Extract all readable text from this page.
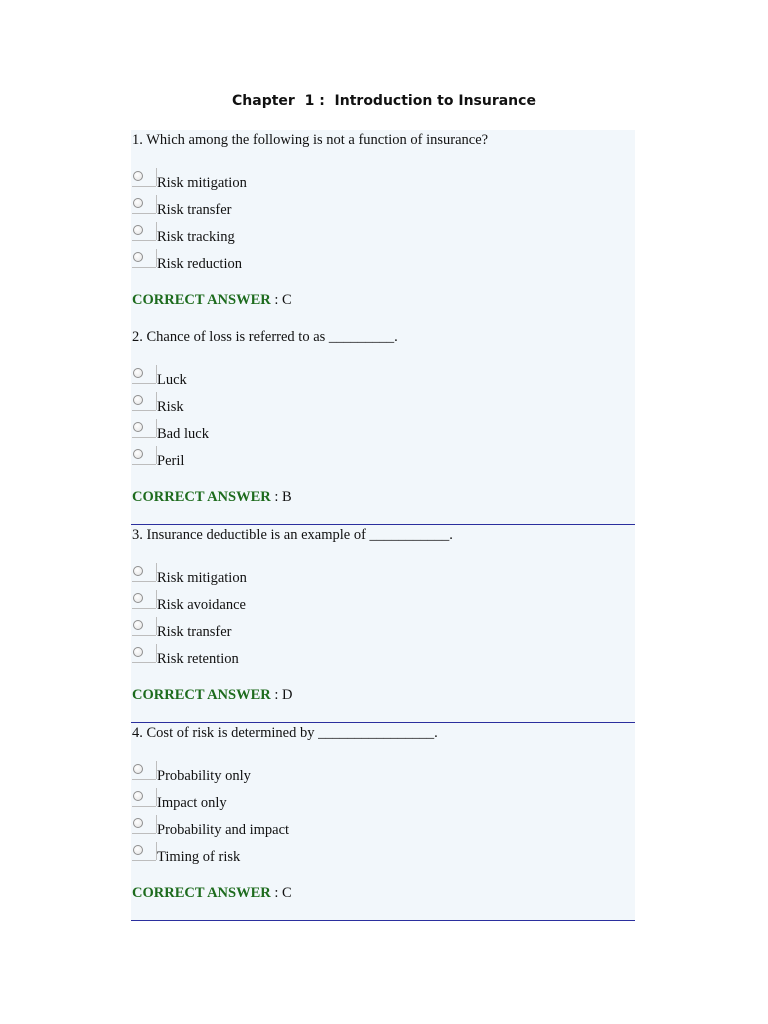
Chapter  1 :  Introduction to Insurance
1. Which among the following is not a function of insurance?
Risk mitigation
Risk transfer
Risk tracking
Risk reduction
CORRECT ANSWER : C
2. Chance of loss is referred to as _________.
Luck
Risk
Bad luck
Peril
CORRECT ANSWER : B
3. Insurance deductible is an example of ___________.
Risk mitigation
Risk avoidance
Risk transfer
Risk retention
CORRECT ANSWER : D
4. Cost of risk is determined by ________________.
Probability only
Impact only
Probability and impact
Timing of risk
CORRECT ANSWER : C
